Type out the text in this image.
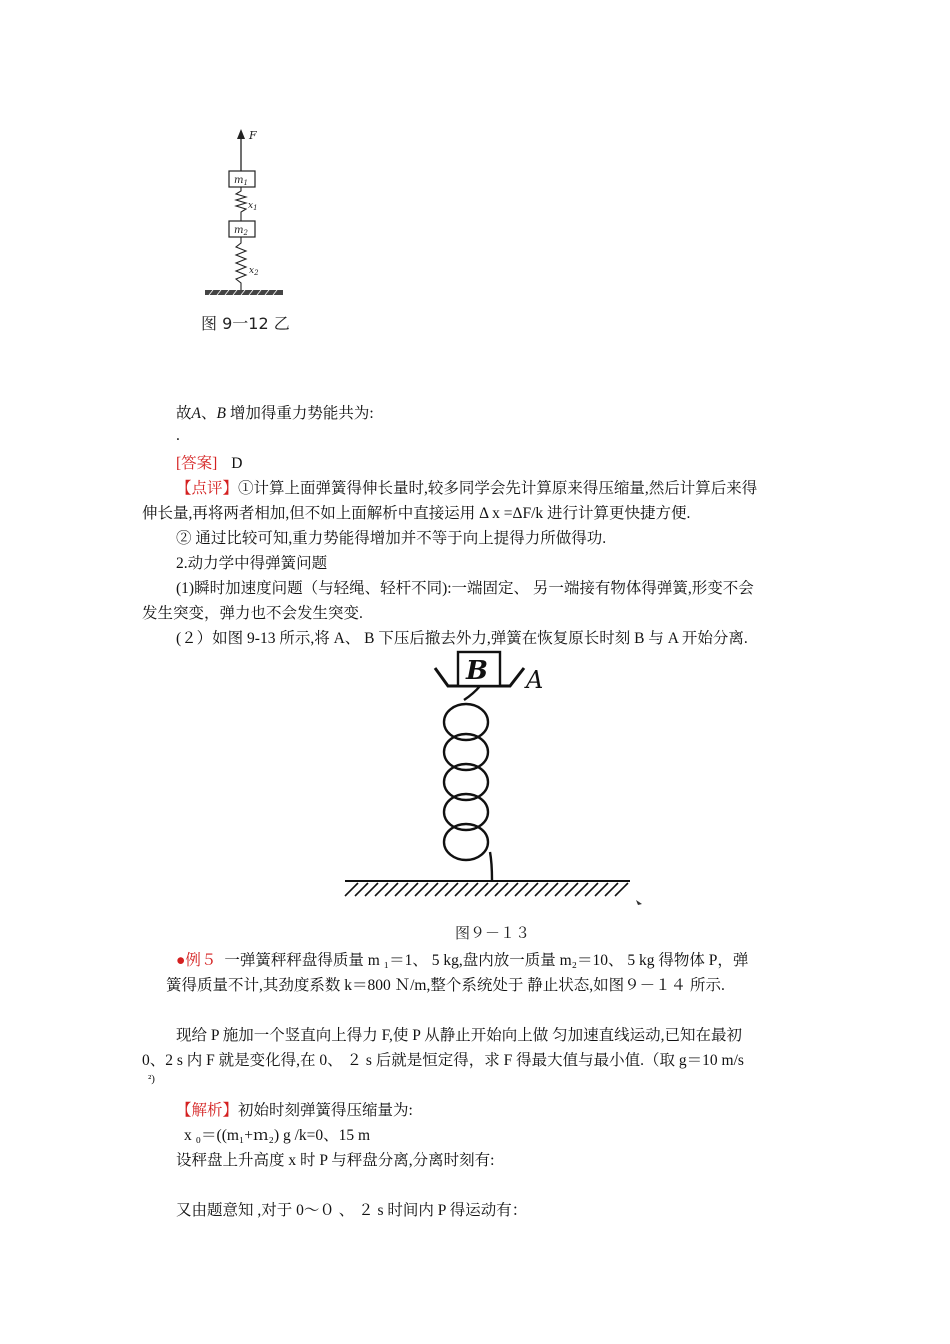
F
$m_1$
$x_1$
$m_2$
$x_2$
图 9一12 乙
故A、B 增加得重力势能共为:
.
[答案] D
【点评】①计算上面弹簧得伸长量时,较多同学会先计算原来得压缩量,然后计算后来得
伸长量,再将两者相加,但不如上面解析中直接运用 Δ x =ΔF/k 进行计算更快捷方便.
② 通过比较可知,重力势能得增加并不等于向上提得力所做得功.
2.动力学中得弹簧问题
(1)瞬时加速度问题（与轻绳、轻杆不同):一端固定、 另一端接有物体得弹簧,形变不会
发生突变，弹力也不会发生突变.
(２）如图 9-13 所示,将 A、 B 下压后撤去外力,弹簧在恢复原长时刻 B 与 A 开始分离.
B A
图９－１３
●例５ 一弹簧秤秤盘得质量 m ₁＝1、 5 kg,盘内放一质量 m₂＝10、 5 kg 得物体 P，弹
簧得质量不计,其劲度系数 k＝800 Ｎ/m,整个系统处于 静止状态,如图９－１４ 所示.
现给 P 施加一个竖直向上得力 F,使 P 从静止开始向上做 匀加速直线运动,已知在最初
0、2 s 内 F 就是变化得,在 0、 ２ s 后就是恒定得，求 F 得最大值与最小值.（取 g＝10 m/s
²)
【解析】初始时刻弹簧得压缩量为:
x ₀＝((m₁+ｍ₂) g /k=0、15 m
设秤盘上升高度 x 时 P 与秤盘分离,分离时刻有:
又由题意知 ,对于 0～０ 、 ２ s 时间内 P 得运动有：
